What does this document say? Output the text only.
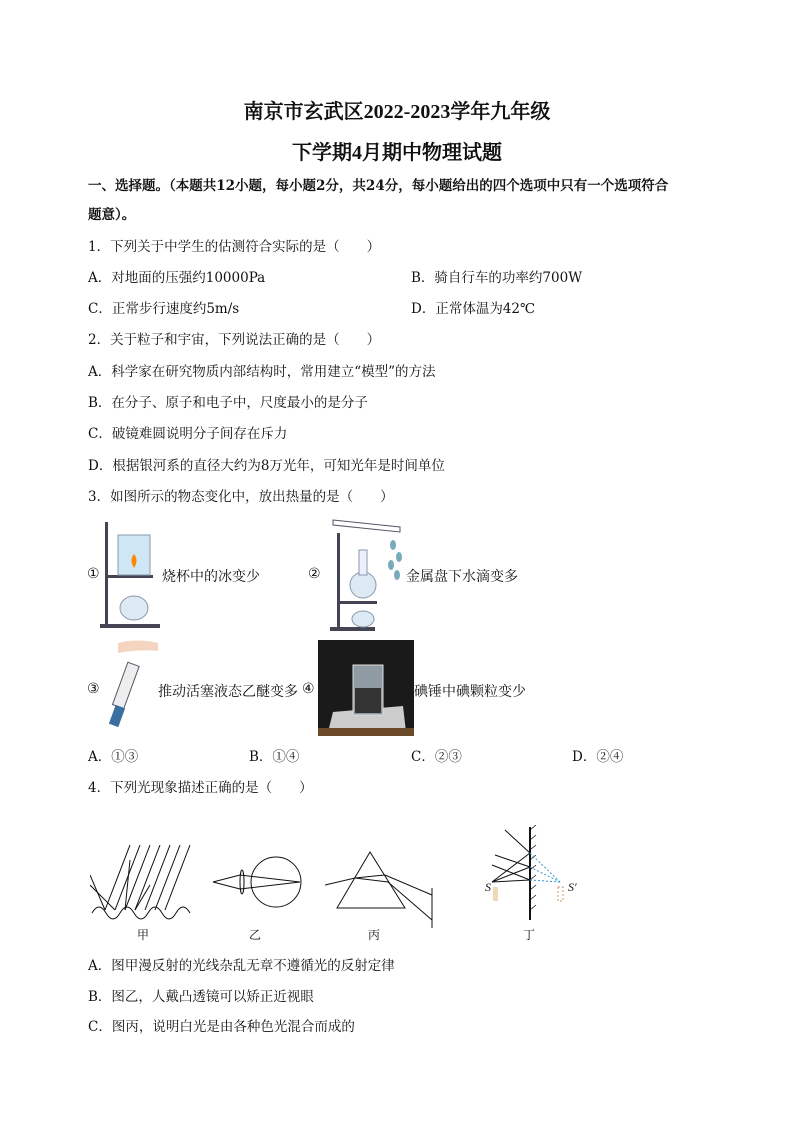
南京市玄武区2022-2023学年九年级
下学期4月期中物理试题
一、选择题。（本题共12小题，每小题2分，共24分，每小题给出的四个选项中只有一个选项符合
题意）。
1．下列关于中学生的估测符合实际的是（　　）
A．对地面的压强约10000Pa	B．骑自行车的功率约700W
C．正常步行速度约5m/s	D．正常体温为42℃
2．关于粒子和宇宙，下列说法正确的是（　　）
A．科学家在研究物质内部结构时，常用建立“模型”的方法
B．在分子、原子和电子中，尺度最小的是分子
C．破镜难圆说明分子间存在斥力
D．根据银河系的直径大约为8万光年，可知光年是时间单位
3．如图所示的物态变化中，放出热量的是（　　）
①	烧杯中的冰变少	②	金属盘下水滴变多
③	推动活塞液态乙醚变多 ④	碘锤中碘颗粒变少
A．①③	B．①④	C．②③	D．②④
4．下列光现象描述正确的是（　　）
甲	乙	丙
S	S′
丁
A．图甲漫反射的光线杂乱无章不遵循光的反射定律
B．图乙，人戴凸透镜可以矫正近视眼
C．图丙，说明白光是由各种色光混合而成的
